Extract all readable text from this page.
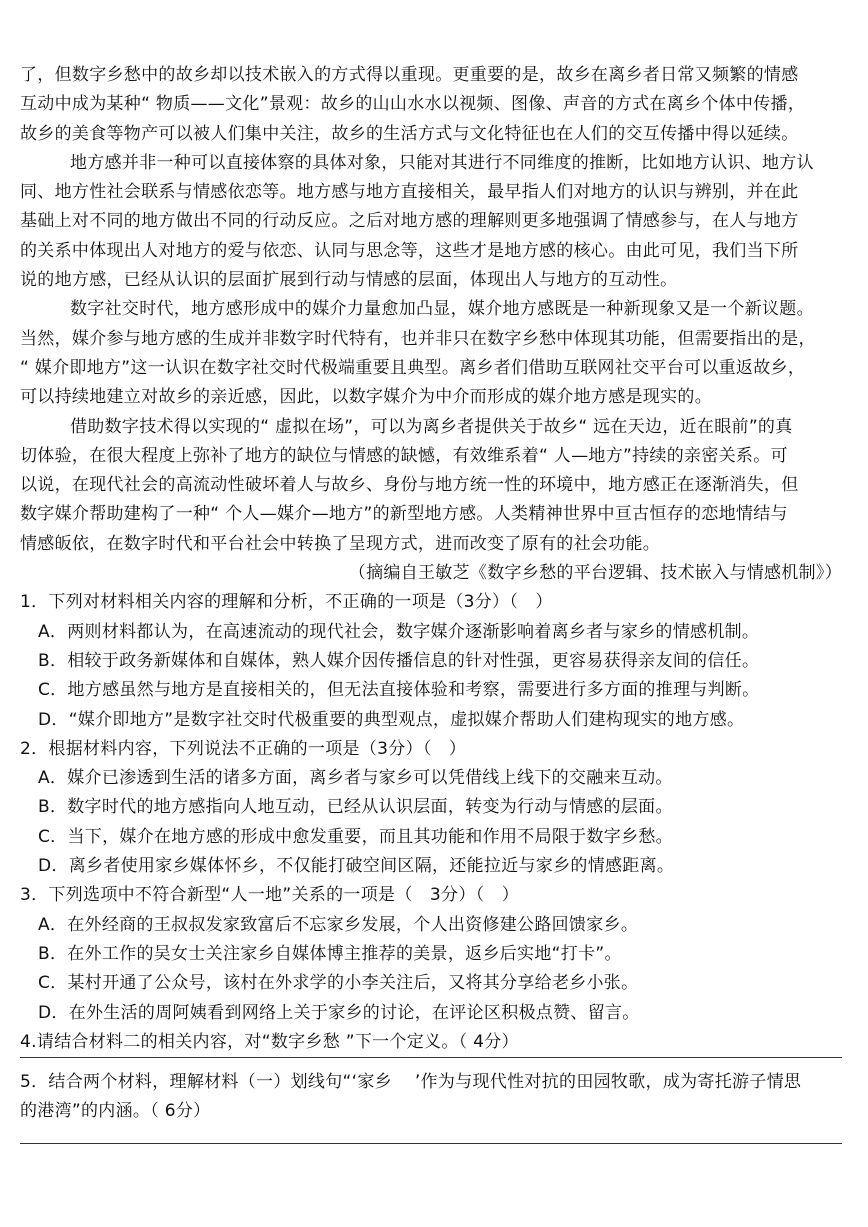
了，但数字乡愁中的故乡却以技术嵌入的方式得以重现。更重要的是，故乡在离乡者日常又频繁的情感
互动中成为某种“ 物质——文化”景观：故乡的山山水水以视频、图像、声音的方式在离乡个体中传播，
故乡的美食等物产可以被人们集中关注，故乡的生活方式与文化特征也在人们的交互传播中得以延续。
地方感并非一种可以直接体察的具体对象，只能对其进行不同维度的推断，比如地方认识、地方认
同、地方性社会联系与情感依恋等。地方感与地方直接相关，最早指人们对地方的认识与辨别，并在此
基础上对不同的地方做出不同的行动反应。之后对地方感的理解则更多地强调了情感参与，在人与地方
的关系中体现出人对地方的爱与依恋、认同与思念等，这些才是地方感的核心。由此可见，我们当下所
说的地方感，已经从认识的层面扩展到行动与情感的层面，体现出人与地方的互动性。
数字社交时代，地方感形成中的媒介力量愈加凸显，媒介地方感既是一种新现象又是一个新议题。
当然，媒介参与地方感的生成并非数字时代特有，也并非只在数字乡愁中体现其功能，但需要指出的是，
“ 媒介即地方”这一认识在数字社交时代极端重要且典型。离乡者们借助互联网社交平台可以重返故乡，
可以持续地建立对故乡的亲近感，因此，以数字媒介为中介而形成的媒介地方感是现实的。
借助数字技术得以实现的“ 虚拟在场”，可以为离乡者提供关于故乡“ 远在天边，近在眼前”的真
切体验，在很大程度上弥补了地方的缺位与情感的缺憾，有效维系着“ 人—地方”持续的亲密关系。可
以说，在现代社会的高流动性破坏着人与故乡、身份与地方统一性的环境中，地方感正在逐渐消失，但
数字媒介帮助建构了一种“ 个人—媒介—地方”的新型地方感。人类精神世界中亘古恒存的恋地情结与
情感皈依，在数字时代和平台社会中转换了呈现方式，进而改变了原有的社会功能。
（摘编自王敏芝《数字乡愁的平台逻辑、技术嵌入与情感机制》）
1．下列对材料相关内容的理解和分析，不正确的一项是（3分）（　）
A．两则材料都认为，在高速流动的现代社会，数字媒介逐渐影响着离乡者与家乡的情感机制。
B．相较于政务新媒体和自媒体，熟人媒介因传播信息的针对性强，更容易获得亲友间的信任。
C．地方感虽然与地方是直接相关的，但无法直接体验和考察，需要进行多方面的推理与判断。
D．“媒介即地方”是数字社交时代极重要的典型观点，虚拟媒介帮助人们建构现实的地方感。
2．根据材料内容，下列说法不正确的一项是（3分）（　）
A．媒介已渗透到生活的诸多方面，离乡者与家乡可以凭借线上线下的交融来互动。
B．数字时代的地方感指向人地互动，已经从认识层面，转变为行动与情感的层面。
C．当下，媒介在地方感的形成中愈发重要，而且其功能和作用不局限于数字乡愁。
D．离乡者使用家乡媒体怀乡，不仅能打破空间区隔，还能拉近与家乡的情感距离。
3．下列选项中不符合新型“人一地”关系的一项是（　3分）（　）
A．在外经商的王叔叔发家致富后不忘家乡发展，个人出资修建公路回馈家乡。
B．在外工作的吴女士关注家乡自媒体博主推荐的美景，返乡后实地“打卡”。
C．某村开通了公众号，该村在外求学的小李关注后，又将其分享给老乡小张。
D．在外生活的周阿姨看到网络上关于家乡的讨论，在评论区积极点赞、留言。
4.请结合材料二的相关内容，对“数字乡愁 ”下一个定义。（ 4分）
5．结合两个材料，理解材料（一）划线句“‘家乡　 ’作为与现代性对抗的田园牧歌，成为寄托游子情思
的港湾”的内涵。（ 6分）
